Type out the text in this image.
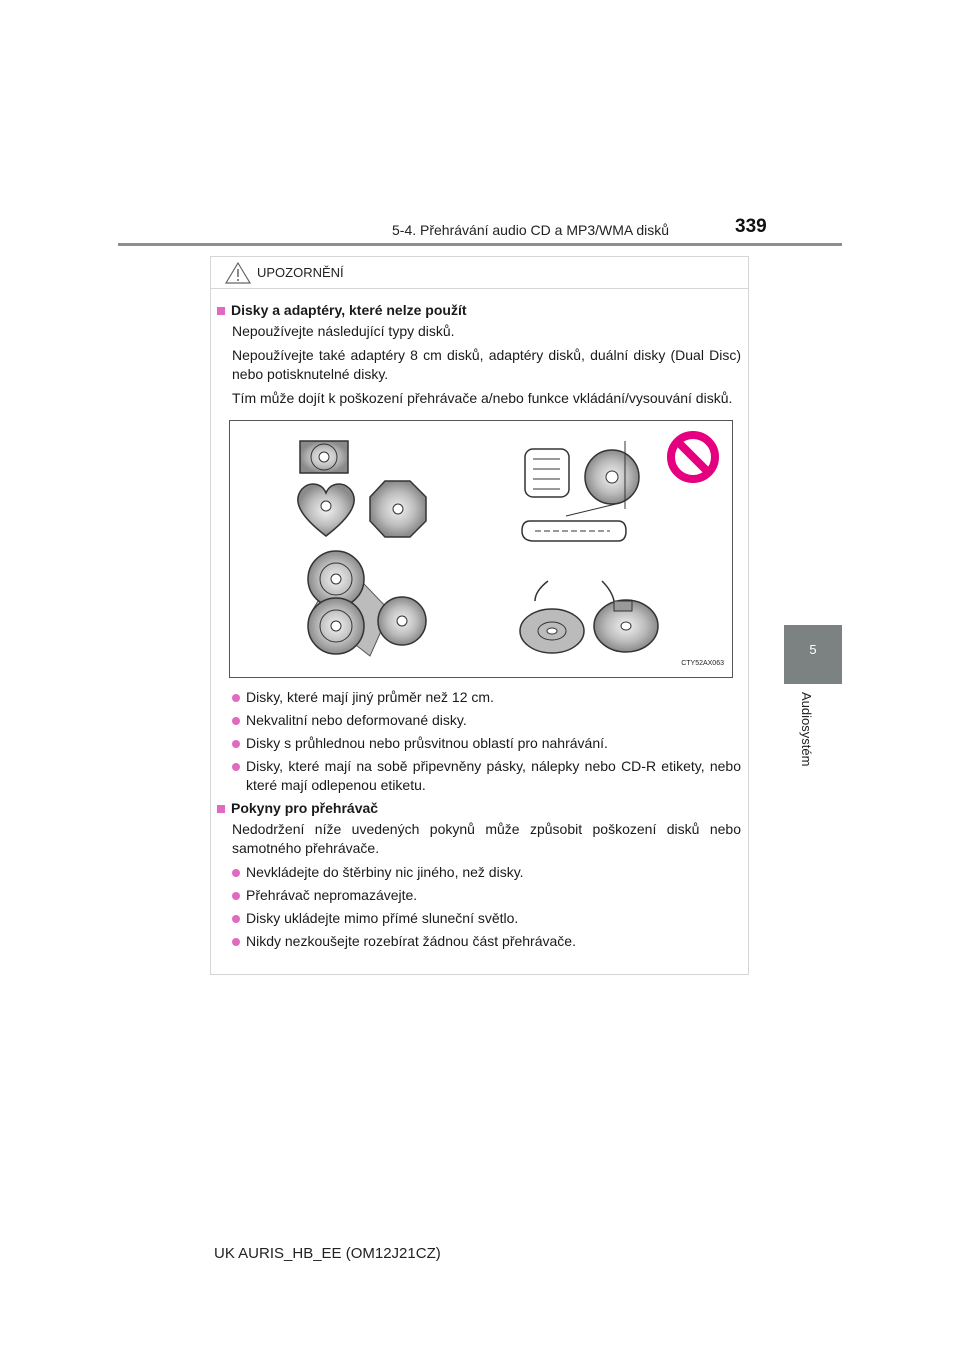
5-4. Přehrávání audio CD a MP3/WMA disků	339
5
Audiosystém
UPOZORNĚNÍ
Disky a adaptéry, které nelze použít
Nepoužívejte následující typy disků.
Nepoužívejte také adaptéry 8 cm disků, adaptéry disků, duální disky (Dual Disc) nebo potisknutelné disky.
Tím může dojít k poškození přehrávače a/nebo funkce vkládání/vysouvání disků.
CTY52AX063
Disky, které mají jiný průměr než 12 cm.
Nekvalitní nebo deformované disky.
Disky s průhlednou nebo průsvitnou oblastí pro nahrávání.
Disky, které mají na sobě připevněny pásky, nálepky nebo CD-R etikety, nebo které mají odlepenou etiketu.
Pokyny pro přehrávač
Nedodržení níže uvedených pokynů může způsobit poškození disků nebo samotného přehrávače.
Nevkládejte do štěrbiny nic jiného, než disky.
Přehrávač nepromazávejte.
Disky ukládejte mimo přímé sluneční světlo.
Nikdy nezkoušejte rozebírat žádnou část přehrávače.
UK AURIS_HB_EE (OM12J21CZ)
